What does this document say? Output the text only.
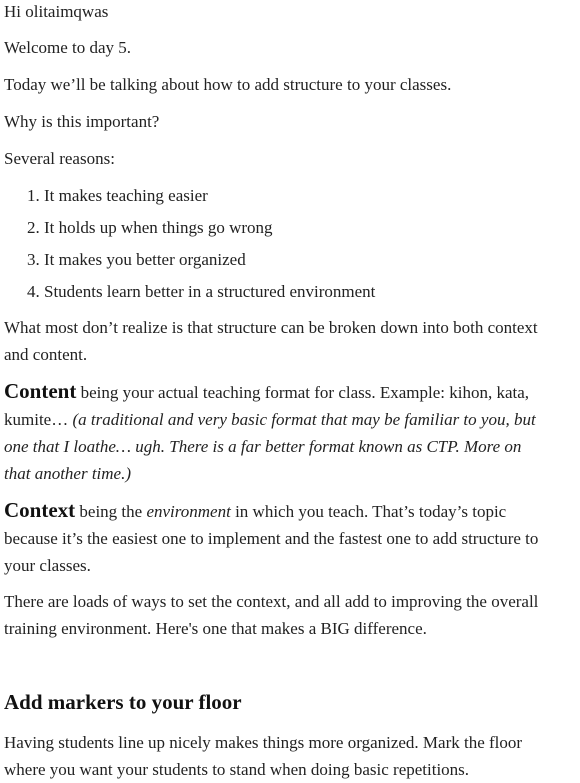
Hi olitaimqwas

Welcome to day 5.

Today we’ll be talking about how to add structure to your classes.

Why is this important?

Several reasons:

1. It makes teaching easier
2. It holds up when things go wrong
3. It makes you better organized
4. Students learn better in a structured environment

What most don’t realize is that structure can be broken down into both context
and content.

Content being your actual teaching format for class. Example: kihon, kata,
kumite… (a traditional and very basic format that may be familiar to you, but
one that I loathe… ugh. There is a far better format known as CTP. More on
that another time.)

Context being the environment in which you teach. That’s today’s topic
because it’s the easiest one to implement and the fastest one to add structure to
your classes.

There are loads of ways to set the context, and all add to improving the overall
training environment. Here's one that makes a BIG difference.

Add markers to your floor

Having students line up nicely makes things more organized. Mark the floor
where you want your students to stand when doing basic repetitions.
